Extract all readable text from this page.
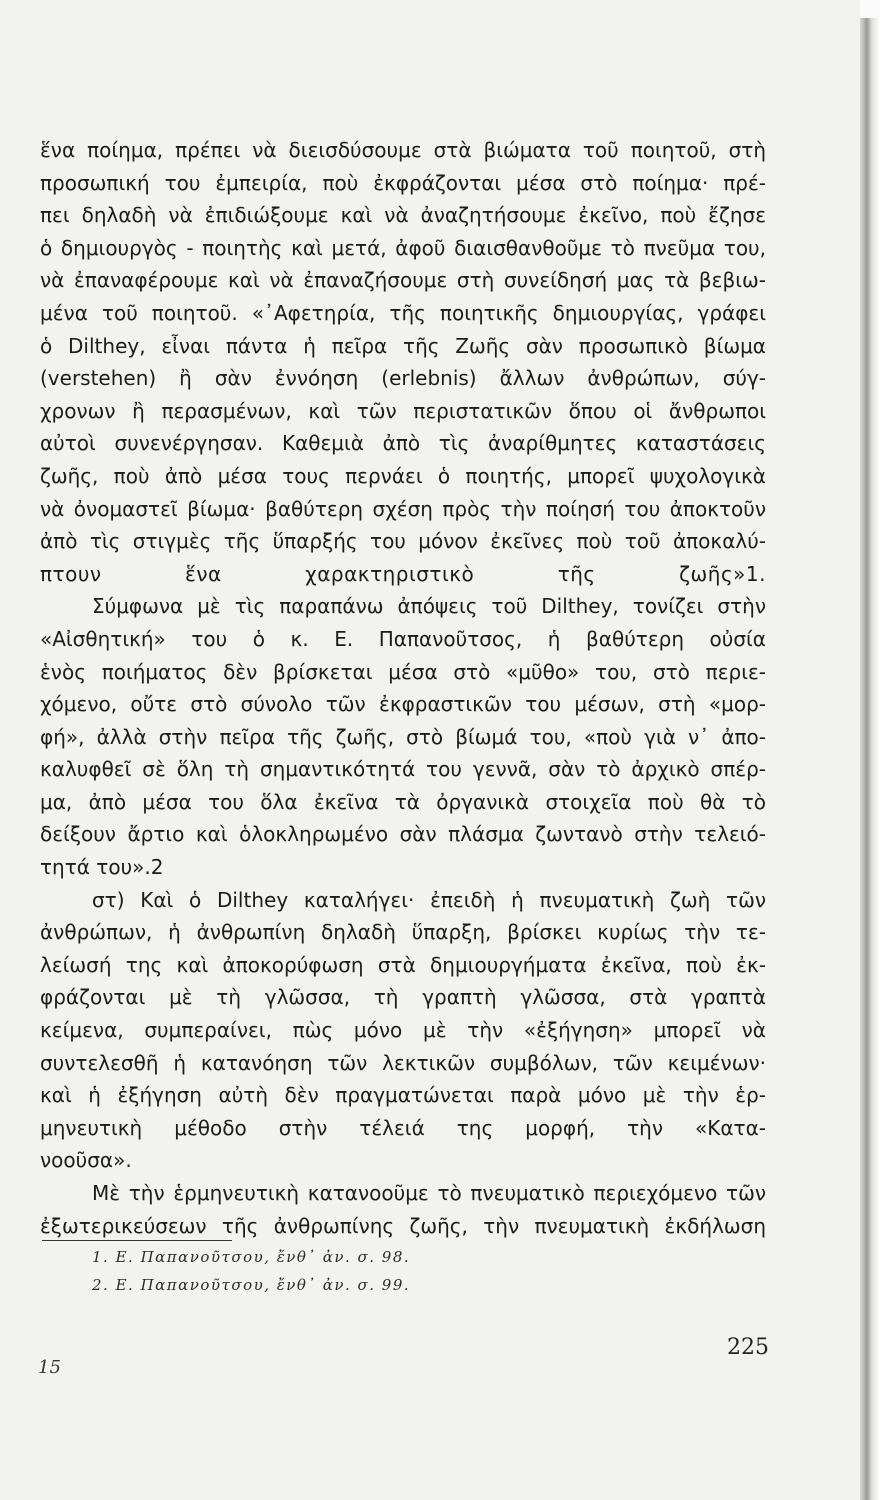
ἕνα ποίημα, πρέπει νὰ διεισδύσουμε στὰ βιώματα τοῦ ποιητοῦ, στὴ
προσωπική του ἐμπειρία, ποὺ ἐκφράζονται μέσα στὸ ποίημα· πρέ-
πει δηλαδὴ νὰ ἐπιδιώξουμε καὶ νὰ ἀναζητήσουμε ἐκεῖνο, ποὺ ἔζησε
ὁ δημιουργὸς - ποιητὴς καὶ μετά, ἀφοῦ διαισθανθοῦμε τὸ πνεῦμα του,
νὰ ἐπαναφέρουμε καὶ νὰ ἐπαναζήσουμε στὴ συνείδησή μας τὰ βεβιω-
μένα τοῦ ποιητοῦ. «᾿Αφετηρία, τῆς ποιητικῆς δημιουργίας, γράφει
ὁ Dilthey, εἶναι πάντα ἡ πεῖρα τῆς Ζωῆς σὰν προσωπικὸ βίωμα
(verstehen) ἢ σὰν ἐννόηση (erlebnis) ἄλλων ἀνθρώπων, σύγ-
χρονων ἢ περασμένων, καὶ τῶν περιστατικῶν ὅπου οἱ ἄνθρωποι
αὐτοὶ συνενέργησαν. Καθεμιὰ ἀπὸ τὶς ἀναρίθμητες καταστάσεις
ζωῆς, ποὺ ἀπὸ μέσα τους περνάει ὁ ποιητής, μπορεῖ ψυχολογικὰ
νὰ ὀνομαστεῖ βίωμα· βαθύτερη σχέση πρὸς τὴν ποίησή του ἀποκτοῦν
ἀπὸ τὶς στιγμὲς τῆς ὕπαρξής του μόνον ἐκεῖνες ποὺ τοῦ ἀποκαλύ-
πτουν ἕνα χαρακτηριστικὸ τῆς ζωῆς»1.
Σύμφωνα μὲ τὶς παραπάνω ἀπόψεις τοῦ Dilthey, τονίζει στὴν
«Αἰσθητική» του ὁ κ. Ε. Παπανοῦτσος, ἡ βαθύτερη οὐσία
ἑνὸς ποιήματος δὲν βρίσκεται μέσα στὸ «μῦθο» του, στὸ περιε-
χόμενο, οὔτε στὸ σύνολο τῶν ἐκφραστικῶν του μέσων, στὴ «μορ-
φή», ἀλλὰ στὴν πεῖρα τῆς ζωῆς, στὸ βίωμά του, «ποὺ γιὰ ν᾿ ἀπο-
καλυφθεῖ σὲ ὅλη τὴ σημαντικότητά του γεννᾶ, σὰν τὸ ἀρχικὸ σπέρ-
μα, ἀπὸ μέσα του ὅλα ἐκεῖνα τὰ ὀργανικὰ στοιχεῖα ποὺ θὰ τὸ
δείξουν ἄρτιο καὶ ὁλοκληρωμένο σὰν πλάσμα ζωντανὸ στὴν τελειό-
τητά του».2
στ) Καὶ ὁ Dilthey καταλήγει· ἐπειδὴ ἡ πνευματικὴ ζωὴ τῶν
ἀνθρώπων, ἡ ἀνθρωπίνη δηλαδὴ ὕπαρξη, βρίσκει κυρίως τὴν τε-
λείωσή της καὶ ἀποκορύφωση στὰ δημιουργήματα ἐκεῖνα, ποὺ ἐκ-
φράζονται μὲ τὴ γλῶσσα, τὴ γραπτὴ γλῶσσα, στὰ γραπτὰ
κείμενα, συμπεραίνει, πὼς μόνο μὲ τὴν «ἐξήγηση» μπορεῖ νὰ
συντελεσθῆ ἡ κατανόηση τῶν λεκτικῶν συμβόλων, τῶν κειμένων·
καὶ ἡ ἐξήγηση αὐτὴ δὲν πραγματώνεται παρὰ μόνο μὲ τὴν ἑρ-
μηνευτικὴ μέθοδο στὴν τέλειά της μορφή, τὴν «Κατα-
νοοῦσα».
Μὲ τὴν ἑρμηνευτικὴ κατανοοῦμε τὸ πνευματικὸ περιεχόμενο τῶν
ἐξωτερικεύσεων τῆς ἀνθρωπίνης ζωῆς, τὴν πνευματικὴ ἐκδήλωση
1. Ε. Παπανοῦτσου, ἔνθ᾿ ἀν. σ. 98.
2. Ε. Παπανοῦτσου, ἔνθ᾿ ἀν. σ. 99.
225
15
